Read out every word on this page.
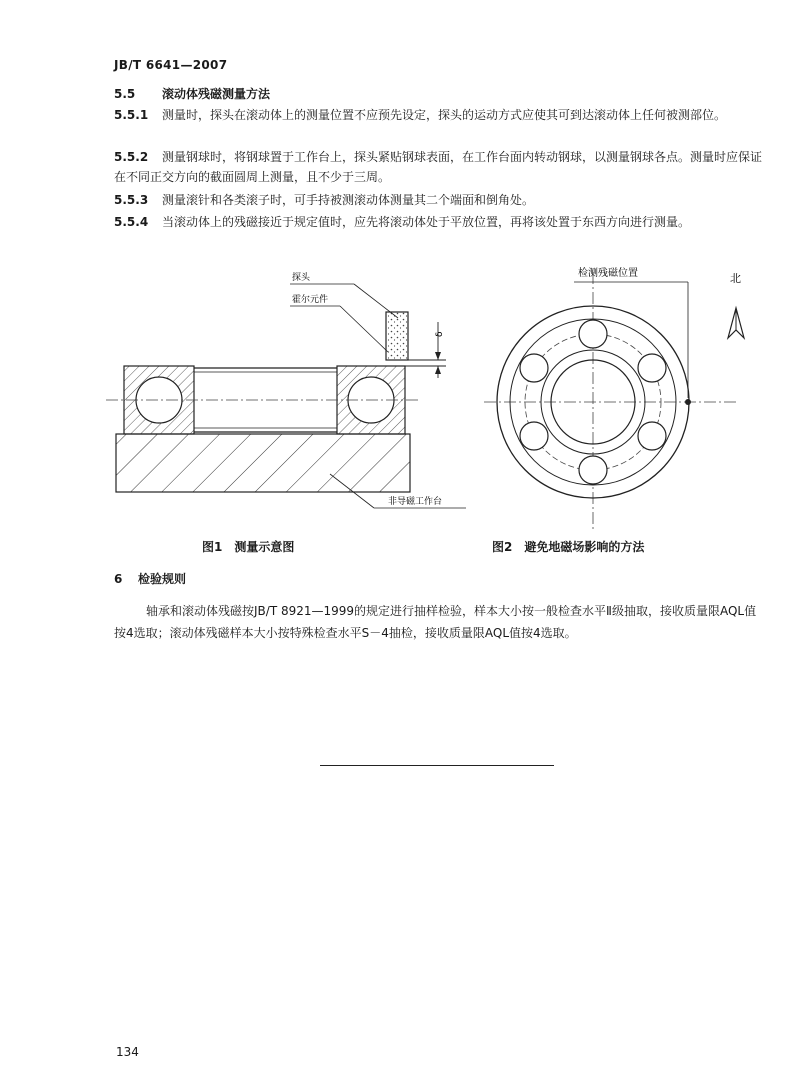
JB/T 6641—2007

5.5 滚动体残磁测量方法

5.5.1 测量时，探头在滚动体上的测量位置不应预先设定，探头的运动方式应使其可到达滚动体上任何被测部位。

5.5.2 测量钢球时，将钢球置于工作台上，探头紧贴钢球表面，在工作台面内转动钢球，以测量钢球各点。测量时应保证在不同正交方向的截面圆周上测量，且不少于三周。

5.5.3 测量滚针和各类滚子时，可手持被测滚动体测量其二个端面和倒角处。

5.5.4 当滚动体上的残磁接近于规定值时，应先将滚动体处于平放位置，再将该处置于东西方向进行测量。

δ
探头
霍尔元件
非导磁工作台
检测残磁位置	北
图1　测量示意图	图2　避免地磁场影响的方法

6 检验规则

轴承和滚动体残磁按JB/T 8921—1999的规定进行抽样检验，样本大小按一般检查水平Ⅱ级抽取，接收质量限AQL值按4选取；滚动体残磁样本大小按特殊检查水平S－4抽检，接收质量限AQL值按4选取。

134
